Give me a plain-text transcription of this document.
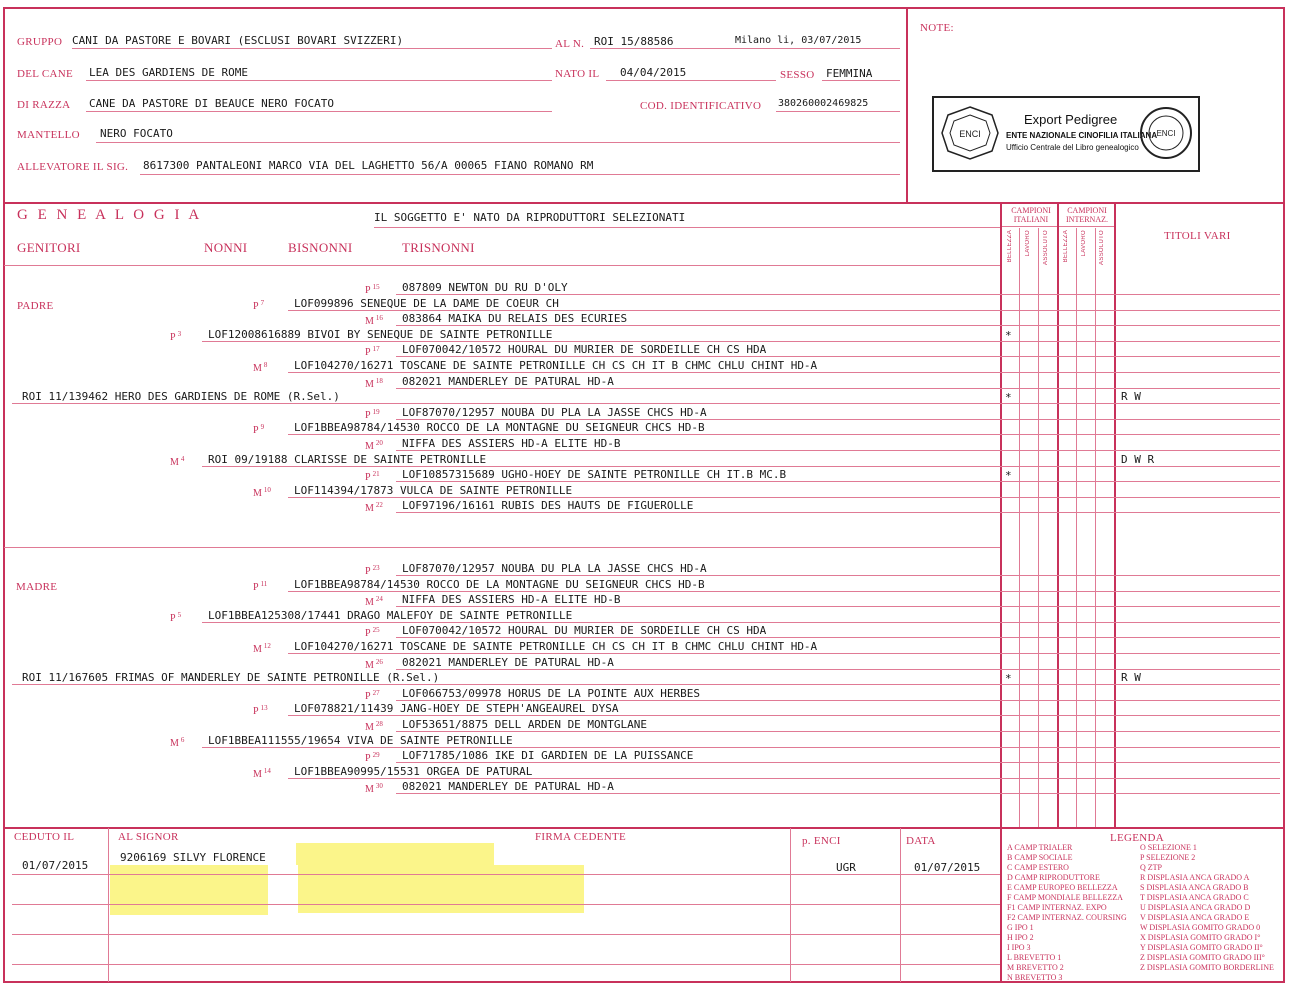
GRUPPO CANI DA PASTORE E BOVARI (ESCLUSI BOVARI SVIZZERI)	AL N. ROI 15/88586	Milano li, 03/07/2015
DEL CANE LEA DES GARDIENS DE ROME	NATO IL 04/04/2015	SESSO FEMMINA
DI RAZZA CANE DA PASTORE DI BEAUCE NERO FOCATO	COD. IDENTIFICATIVO 380260002469825
MANTELLO NERO FOCATO
ALLEVATORE IL SIG. 8617300 PANTALEONI MARCO VIA DEL LAGHETTO 56/A 00065 FIANO ROMANO RM
NOTE:
ENCI
Export Pedigree
ENTE NAZIONALE CINOFILIA ITALIANA
Ufficio Centrale del Libro genealogico
ENCI
G E N E A L O G I A	IL SOGGETTO E' NATO DA RIPRODUTTORI SELEZIONATI
GENITORI	NONNI	BISNONNI	TRISNONNI
CAMPIONI ITALIANI
CAMPIONI INTERNAZ.
TITOLI VARI
BELLEZZA LAVORO ASSOLUTO BELLEZZA LAVORO ASSOLUTO
PADRE
MADRE
CEDUTO IL
01/07/2015
AL SIGNOR
9206169 SILVY FLORENCE
FIRMA CEDENTE	p. ENCI
UGR
DATA
01/07/2015
LEGENDA
A CAMP TRIALER
B CAMP SOCIALE
C CAMP ESTERO
D CAMP RIPRODUTTORE
E CAMP EUROPEO BELLEZZA
F CAMP MONDIALE BELLEZZA
F1 CAMP INTERNAZ. EXPO
F2 CAMP INTERNAZ. COURSING
G IPO 1
H IPO 2
I IPO 3
L BREVETTO 1
M BREVETTO 2
N BREVETTO 3
O SELEZIONE 1
P SELEZIONE 2
Q ZTP
R DISPLASIA ANCA GRADO A
S DISPLASIA ANCA GRADO B
T DISPLASIA ANCA GRADO C
U DISPLASIA ANCA GRADO D
V DISPLASIA ANCA GRADO E
W DISPLASIA GOMITO GRADO 0
X DISPLASIA GOMITO GRADO I°
Y DISPLASIA GOMITO GRADO II°
Z DISPLASIA GOMITO GRADO III°
Z DISPLASIA GOMITO BORDERLINE
P $^{15}$ 087809 NEWTON DU RU D'OLY
P $^7$	LOF099896 SENEQUE DE LA DAME DE COEUR CH
M $^{16}$ 083864 MAIKA DU RELAIS DES ECURIES
P $^3$ LOF12008616889 BIVOI BY SENEQUE DE SAINTE PETRONILLE	*
P $^{17}$ LOF070042/10572 HOURAL DU MURIER DE SORDEILLE CH CS HDA
M $^8$ LOF104270/16271 TOSCANE DE SAINTE PETRONILLE CH CS CH IT B CHMC CHLU CHINT HD-A
M $^{18}$ 082021 MANDERLEY DE PATURAL HD-A
ROI 11/139462 HERO DES GARDIENS DE ROME (R.Sel.)	*	R W
P $^{19}$ LOF87070/12957 NOUBA DU PLA LA JASSE CHCS HD-A
P $^9$	LOF1BBEA98784/14530 ROCCO DE LA MONTAGNE DU SEIGNEUR CHCS HD-B
M $^{20}$ NIFFA DES ASSIERS HD-A ELITE HD-B
M $^4$ ROI 09/19188 CLARISSE DE SAINTE PETRONILLE	D W R
P $^{21}$ LOF10857315689 UGHO-HOEY DE SAINTE PETRONILLE CH IT.B MC.B	*
M $^{10}$ LOF114394/17873 VULCA DE SAINTE PETRONILLE
M $^{22}$ LOF97196/16161 RUBIS DES HAUTS DE FIGUEROLLE
P $^{23}$ LOF87070/12957 NOUBA DU PLA LA JASSE CHCS HD-A
P $^{11}$ LOF1BBEA98784/14530 ROCCO DE LA MONTAGNE DU SEIGNEUR CHCS HD-B
M $^{24}$ NIFFA DES ASSIERS HD-A ELITE HD-B
P $^5$ LOF1BBEA125308/17441 DRAGO MALEFOY DE SAINTE PETRONILLE
P $^{25}$ LOF070042/10572 HOURAL DU MURIER DE SORDEILLE CH CS HDA
M $^{12}$ LOF104270/16271 TOSCANE DE SAINTE PETRONILLE CH CS CH IT B CHMC CHLU CHINT HD-A
M $^{26}$ 082021 MANDERLEY DE PATURAL HD-A
ROI 11/167605 FRIMAS OF MANDERLEY DE SAINTE PETRONILLE (R.Sel.)	*	R W
P $^{27}$ LOF066753/09978 HORUS DE LA POINTE AUX HERBES
P $^{13}$ LOF078821/11439 JANG-HOEY DE STEPH'ANGEAUREL DYSA
M $^{28}$ LOF53651/8875 DELL ARDEN DE MONTGLANE
M $^6$ LOF1BBEA111555/19654 VIVA DE SAINTE PETRONILLE
P $^{29}$ LOF71785/1086 IKE DI GARDIEN DE LA PUISSANCE
M $^{14}$ LOF1BBEA90995/15531 ORGEA DE PATURAL
M $^{30}$ 082021 MANDERLEY DE PATURAL HD-A
